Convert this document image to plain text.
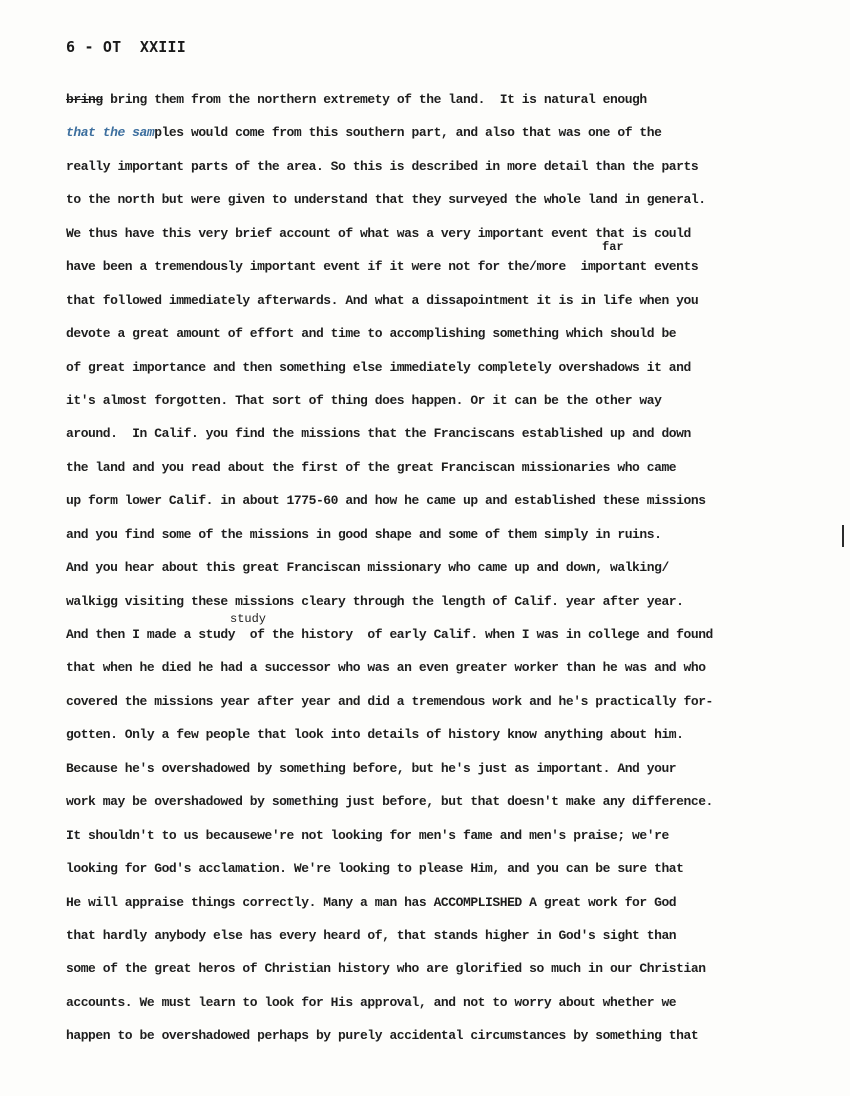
6 - OT  XXIII
far
study
bring bring them from the northern extremety of the land.  It is natural enough
that the samples would come from this southern part, and also that was one of the
really important parts of the area. So this is described in more detail than the parts
to the north but were given to understand that they surveyed the whole land in general.
We thus have this very brief account of what was a very important event that is could
have been a tremendously important event if it were not for the/more  important events
that followed immediately afterwards. And what a dissapointment it is in life when you
devote a great amount of effort and time to accomplishing something which should be
of great importance and then something else immediately completely overshadows it and
it's almost forgotten. That sort of thing does happen. Or it can be the other way
around.  In Calif. you find the missions that the Franciscans established up and down
the land and you read about the first of the great Franciscan missionaries who came
up form lower Calif. in about 1775-60 and how he came up and established these missions
and you find some of the missions in good shape and some of them simply in ruins.
And you hear about this great Franciscan missionary who came up and down, walking/
walkigg visiting these missions cleary through the length of Calif. year after year.
And then I made a study  of the history  of early Calif. when I was in college and found
that when he died he had a successor who was an even greater worker than he was and who
covered the missions year after year and did a tremendous work and he's practically for-
gotten. Only a few people that look into details of history know anything about him.
Because he's overshadowed by something before, but he's just as important. And your
work may be overshadowed by something just before, but that doesn't make any difference.
It shouldn't to us becausewe're not looking for men's fame and men's praise; we're
looking for God's acclamation. We're looking to please Him, and you can be sure that
He will appraise things correctly. Many a man has ACCOMPLISHED A great work for God
that hardly anybody else has every heard of, that stands higher in God's sight than
some of the great heros of Christian history who are glorified so much in our Christian
accounts. We must learn to look for His approval, and not to worry about whether we
happen to be overshadowed perhaps by purely accidental circumstances by something that
